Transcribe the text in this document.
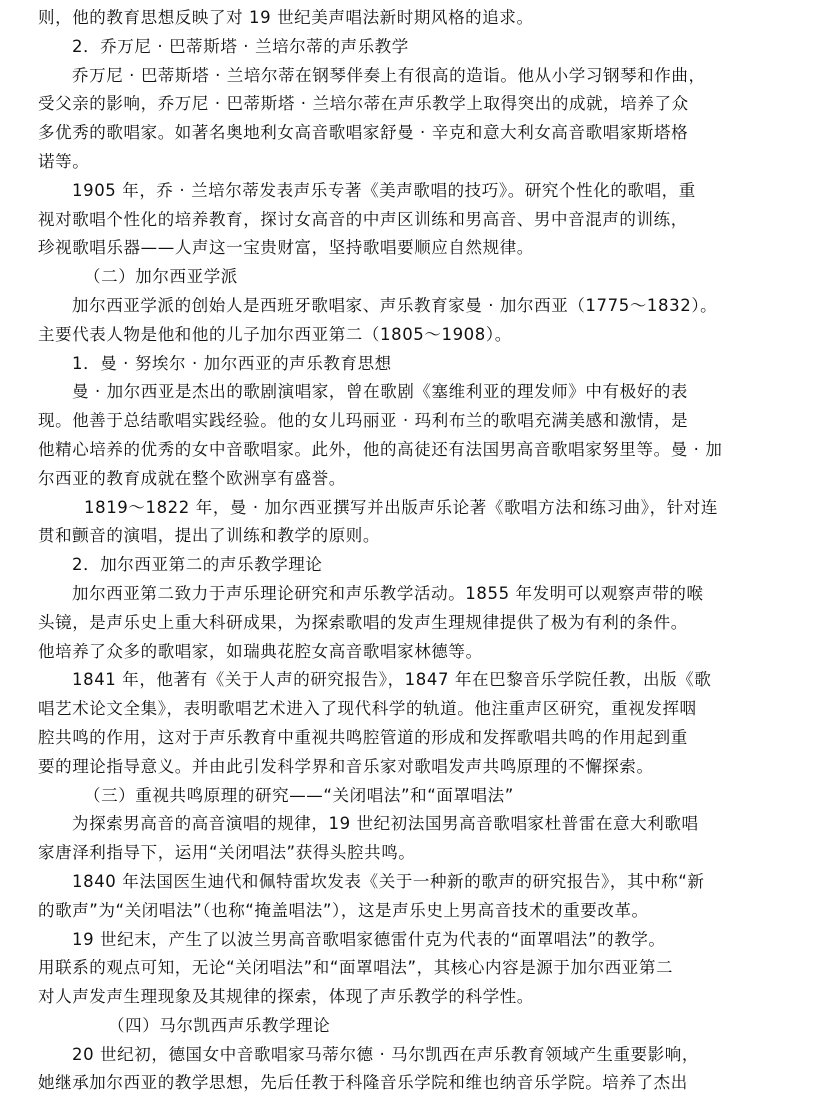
则，他的教育思想反映了对 19 世纪美声唱法新时期风格的追求。
2．乔万尼 · 巴蒂斯塔 · 兰培尔蒂的声乐教学
乔万尼 · 巴蒂斯塔 · 兰培尔蒂在钢琴伴奏上有很高的造诣。他从小学习钢琴和作曲，
受父亲的影响，乔万尼 · 巴蒂斯塔 · 兰培尔蒂在声乐教学上取得突出的成就，培养了众
多优秀的歌唱家。如著名奥地利女高音歌唱家舒曼 · 辛克和意大利女高音歌唱家斯塔格
诺等。
1905 年，乔 · 兰培尔蒂发表声乐专著《美声歌唱的技巧》。研究个性化的歌唱，重
视对歌唱个性化的培养教育，探讨女高音的中声区训练和男高音、男中音混声的训练，
珍视歌唱乐器——人声这一宝贵财富，坚持歌唱要顺应自然规律。
（二）加尔西亚学派
加尔西亚学派的创始人是西班牙歌唱家、声乐教育家曼 · 加尔西亚（1775～1832）。
主要代表人物是他和他的儿子加尔西亚第二（1805～1908）。
1．曼 · 努埃尔 · 加尔西亚的声乐教育思想
曼 · 加尔西亚是杰出的歌剧演唱家，曾在歌剧《塞维利亚的理发师》中有极好的表
现。他善于总结歌唱实践经验。他的女儿玛丽亚 · 玛利布兰的歌唱充满美感和激情，是
他精心培养的优秀的女中音歌唱家。此外，他的高徒还有法国男高音歌唱家努里等。曼 · 加
尔西亚的教育成就在整个欧洲享有盛誉。
1819～1822 年，曼 · 加尔西亚撰写并出版声乐论著《歌唱方法和练习曲》，针对连
贯和颤音的演唱，提出了训练和教学的原则。
2．加尔西亚第二的声乐教学理论
加尔西亚第二致力于声乐理论研究和声乐教学活动。1855 年发明可以观察声带的喉
头镜，是声乐史上重大科研成果，为探索歌唱的发声生理规律提供了极为有利的条件。
他培养了众多的歌唱家，如瑞典花腔女高音歌唱家林德等。
1841 年，他著有《关于人声的研究报告》，1847 年在巴黎音乐学院任教，出版《歌
唱艺术论文全集》，表明歌唱艺术进入了现代科学的轨道。他注重声区研究，重视发挥咽
腔共鸣的作用，这对于声乐教育中重视共鸣腔管道的形成和发挥歌唱共鸣的作用起到重
要的理论指导意义。并由此引发科学界和音乐家对歌唱发声共鸣原理的不懈探索。
（三）重视共鸣原理的研究——“关闭唱法”和“面罩唱法”
为探索男高音的高音演唱的规律，19 世纪初法国男高音歌唱家杜普雷在意大利歌唱
家唐泽利指导下，运用“关闭唱法”获得头腔共鸣。
1840 年法国医生迪代和佩特雷坎发表《关于一种新的歌声的研究报告》，其中称“新
的歌声”为“关闭唱法”（也称“掩盖唱法”），这是声乐史上男高音技术的重要改革。
19 世纪末，产生了以波兰男高音歌唱家德雷什克为代表的“面罩唱法”的教学。
用联系的观点可知，无论“关闭唱法”和“面罩唱法”，其核心内容是源于加尔西亚第二
对人声发声生理现象及其规律的探索，体现了声乐教学的科学性。
（四）马尔凯西声乐教学理论
20 世纪初，德国女中音歌唱家马蒂尔德 · 马尔凯西在声乐教育领域产生重要影响，
她继承加尔西亚的教学思想，先后任教于科隆音乐学院和维也纳音乐学院。培养了杰出
